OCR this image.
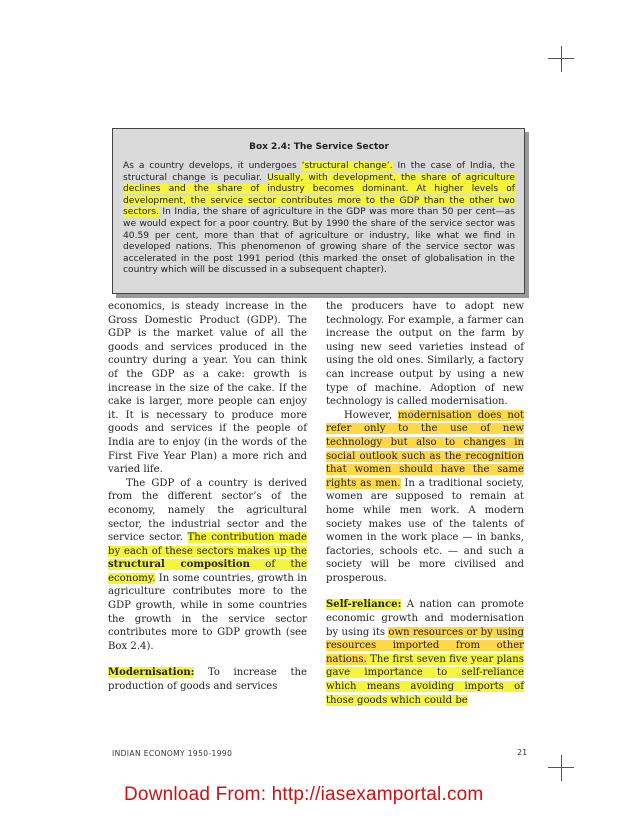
Box 2.4: The Service Sector

As a country develops, it undergoes ‘structural change’. In the case of India, the structural change is peculiar. Usually, with development, the share of agriculture declines and the share of industry becomes dominant. At higher levels of development, the service sector contributes more to the GDP than the other two sectors. In India, the share of agriculture in the GDP was more than 50 per cent—as we would expect for a poor country. But by 1990 the share of the service sector was 40.59 per cent, more than that of agriculture or industry, like what we find in developed nations. This phenomenon of growing share of the service sector was accelerated in the post 1991 period (this marked the onset of globalisation in the country which will be discussed in a subsequent chapter).

economics, is steady increase in the Gross Domestic Product (GDP). The GDP is the market value of all the goods and services produced in the country during a year. You can think of the GDP as a cake: growth is increase in the size of the cake. If the cake is larger, more people can enjoy it. It is necessary to produce more goods and services if the people of India are to enjoy (in the words of the First Five Year Plan) a more rich and varied life.

The GDP of a country is derived from the different sector’s of the economy, namely the agricultural sector, the industrial sector and the service sector. The contribution made by each of these sectors makes up the structural composition of the economy. In some countries, growth in agriculture contributes more to the GDP growth, while in some countries the growth in the service sector contributes more to GDP growth (see Box 2.4).

Modernisation: To increase the production of goods and services

the producers have to adopt new technology. For example, a farmer can increase the output on the farm by using new seed varieties instead of using the old ones. Similarly, a factory can increase output by using a new type of machine. Adoption of new technology is called modernisation.

However, modernisation does not refer only to the use of new technology but also to changes in social outlook such as the recognition that women should have the same rights as men. In a traditional society, women are supposed to remain at home while men work. A modern society makes use of the talents of women in the work place — in banks, factories, schools etc. — and such a society will be more civilised and prosperous.

Self-reliance: A nation can promote economic growth and modernisation by using its own resources or by using resources imported from other nations. The first seven five year plans gave importance to self-reliance which means avoiding imports of those goods which could be

INDIAN ECONOMY 1950-1990	21
Download From: http://iasexamportal.com
